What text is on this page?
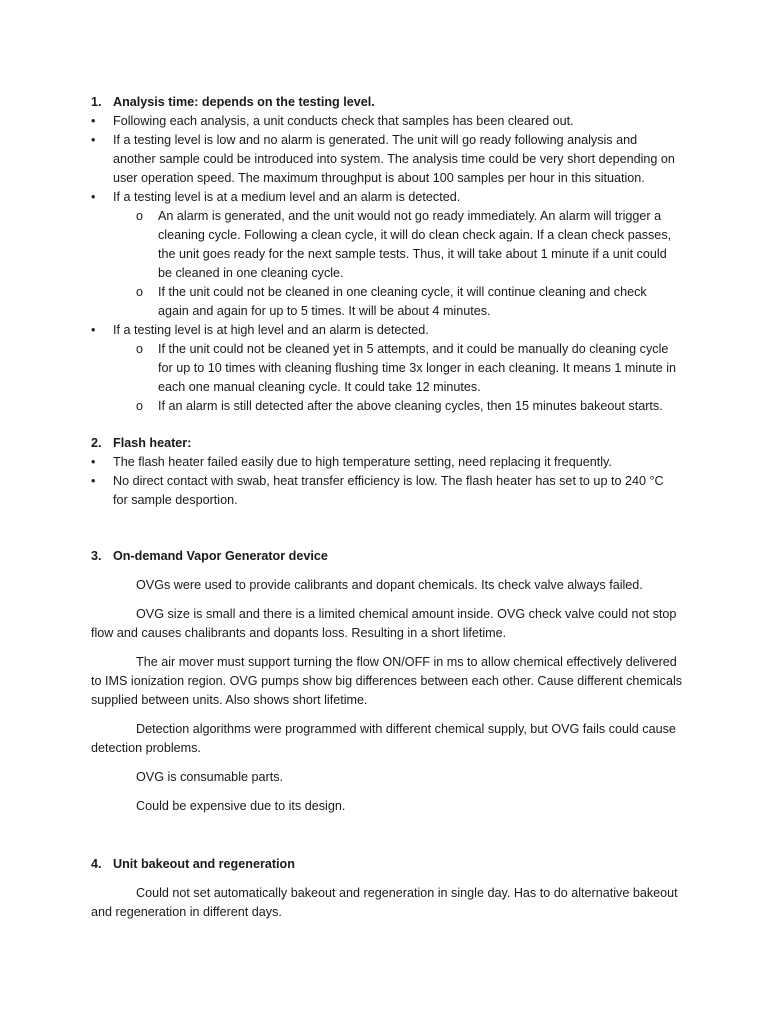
1. Analysis time: depends on the testing level.
•	Following each analysis, a unit conducts check that samples has been cleared out.
•	If a testing level is low and no alarm is generated. The unit will go ready following analysis and another sample could be introduced into system. The analysis time could be very short depending on user operation speed. The maximum throughput is about 100 samples per hour in this situation.
•	If a testing level is at a medium level and an alarm is detected.
o	An alarm is generated, and the unit would not go ready immediately. An alarm will trigger a cleaning cycle. Following a clean cycle, it will do clean check again. If a clean check passes, the unit goes ready for the next sample tests. Thus, it will take about 1 minute if a unit could be cleaned in one cleaning cycle.
o	If the unit could not be cleaned in one cleaning cycle, it will continue cleaning and check again and again for up to 5 times. It will be about 4 minutes.
•	If a testing level is at high level and an alarm is detected.
o	If the unit could not be cleaned yet in 5 attempts, and it could be manually do cleaning cycle for up to 10 times with cleaning flushing time 3x longer in each cleaning. It means 1 minute in each one manual cleaning cycle. It could take 12 minutes.
o	If an alarm is still detected after the above cleaning cycles, then 15 minutes bakeout starts.
2. Flash heater:
•	The flash heater failed easily due to high temperature setting, need replacing it frequently.
•	No direct contact with swab, heat transfer efficiency is low. The flash heater has set to up to 240 °C for sample desportion.
3. On-demand Vapor Generator device
OVGs were used to provide calibrants and dopant chemicals. Its check valve always failed.
OVG size is small and there is a limited chemical amount inside. OVG check valve could not stop flow and causes chalibrants and dopants loss. Resulting in a short lifetime.
The air mover must support turning the flow ON/OFF in ms to allow chemical effectively delivered to IMS ionization region. OVG pumps show big differences between each other. Cause different chemicals supplied between units. Also shows short lifetime.
Detection algorithms were programmed with different chemical supply, but OVG fails could cause detection problems.
OVG is consumable parts.
Could be expensive due to its design.
4. Unit bakeout and regeneration
Could not set automatically bakeout and regeneration in single day. Has to do alternative bakeout and regeneration in different days.
